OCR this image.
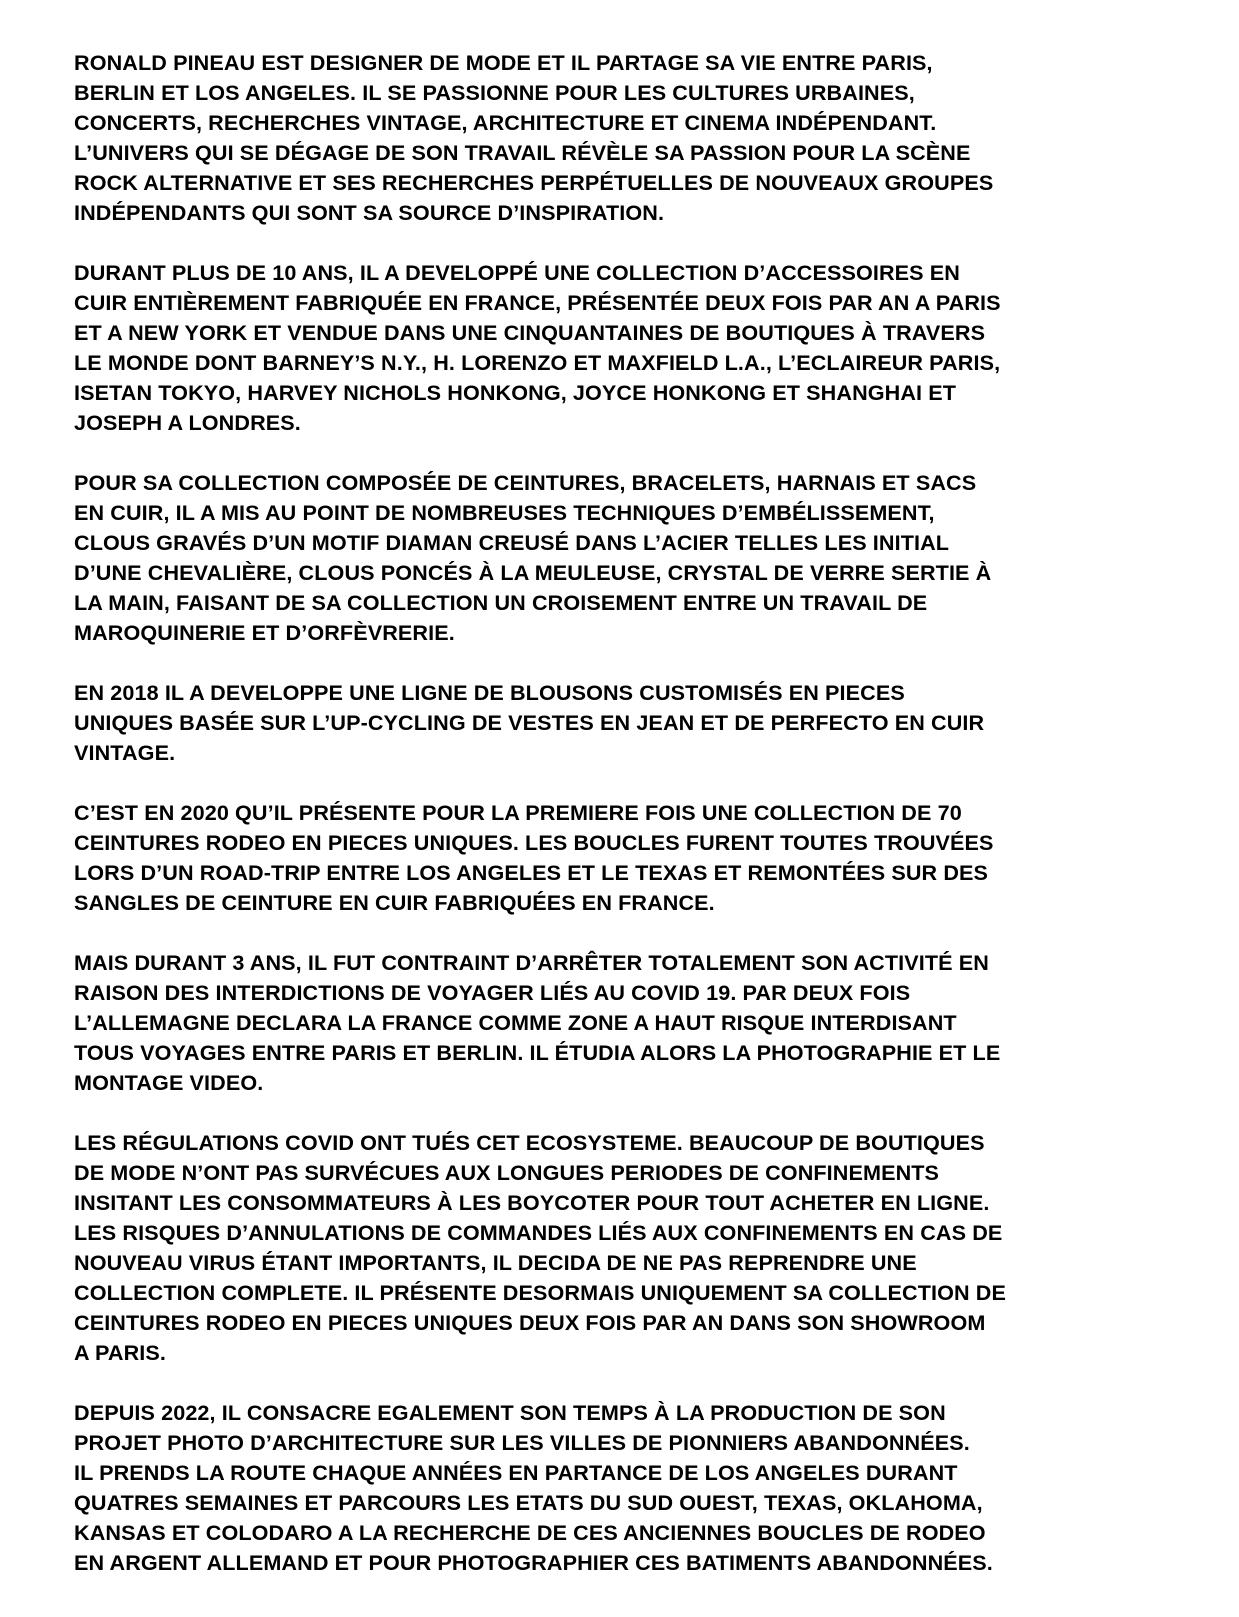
RONALD PINEAU EST DESIGNER DE MODE ET IL PARTAGE SA VIE ENTRE PARIS,
BERLIN ET LOS ANGELES. IL SE PASSIONNE POUR LES CULTURES URBAINES,
CONCERTS, RECHERCHES VINTAGE, ARCHITECTURE ET CINEMA INDÉPENDANT.
L’UNIVERS QUI SE DÉGAGE DE SON TRAVAIL RÉVÈLE SA PASSION POUR LA SCÈNE
ROCK ALTERNATIVE ET SES RECHERCHES PERPÉTUELLES DE NOUVEAUX GROUPES
INDÉPENDANTS QUI SONT SA SOURCE D’INSPIRATION.
DURANT PLUS DE 10 ANS, IL A DEVELOPPÉ UNE COLLECTION D’ACCESSOIRES EN
CUIR ENTIÈREMENT FABRIQUÉE EN FRANCE, PRÉSENTÉE DEUX FOIS PAR AN A PARIS
ET A NEW YORK ET VENDUE DANS UNE CINQUANTAINES DE BOUTIQUES À TRAVERS
LE MONDE DONT BARNEY’S N.Y., H. LORENZO ET MAXFIELD L.A., L’ECLAIREUR PARIS,
ISETAN TOKYO, HARVEY NICHOLS HONKONG, JOYCE HONKONG ET SHANGHAI ET
JOSEPH A LONDRES.
POUR SA COLLECTION COMPOSÉE DE CEINTURES, BRACELETS, HARNAIS ET SACS
EN CUIR, IL A MIS AU POINT DE NOMBREUSES TECHNIQUES D’EMBÉLISSEMENT,
CLOUS GRAVÉS D’UN MOTIF DIAMAN CREUSÉ DANS L’ACIER TELLES LES INITIAL
D’UNE CHEVALIÈRE, CLOUS PONCÉS À LA MEULEUSE, CRYSTAL DE VERRE SERTIE À
LA MAIN, FAISANT DE SA COLLECTION UN CROISEMENT ENTRE UN TRAVAIL DE
MAROQUINERIE ET D’ORFÈVRERIE.
EN 2018 IL A DEVELOPPE UNE LIGNE DE BLOUSONS CUSTOMISÉS EN PIECES
UNIQUES BASÉE SUR L’UP-CYCLING DE VESTES EN JEAN ET DE PERFECTO EN CUIR
VINTAGE.
C’EST EN 2020 QU’IL PRÉSENTE POUR LA PREMIERE FOIS UNE COLLECTION DE 70
CEINTURES RODEO EN PIECES UNIQUES. LES BOUCLES FURENT TOUTES TROUVÉES
LORS D’UN ROAD-TRIP ENTRE LOS ANGELES ET LE TEXAS ET REMONTÉES SUR DES
SANGLES DE CEINTURE EN CUIR FABRIQUÉES EN FRANCE.
MAIS DURANT 3 ANS, IL FUT CONTRAINT D’ARRÊTER TOTALEMENT SON ACTIVITÉ EN
RAISON DES INTERDICTIONS DE VOYAGER LIÉS AU COVID 19. PAR DEUX FOIS
L’ALLEMAGNE DECLARA LA FRANCE COMME ZONE A HAUT RISQUE INTERDISANT
TOUS VOYAGES ENTRE PARIS ET BERLIN. IL ÉTUDIA ALORS LA PHOTOGRAPHIE ET LE
MONTAGE VIDEO.
LES RÉGULATIONS COVID ONT TUÉS CET ECOSYSTEME. BEAUCOUP DE BOUTIQUES
DE MODE N’ONT PAS SURVÉCUES AUX LONGUES PERIODES DE CONFINEMENTS
INSITANT LES CONSOMMATEURS À LES BOYCOTER POUR TOUT ACHETER EN LIGNE.
LES RISQUES D’ANNULATIONS DE COMMANDES LIÉS AUX CONFINEMENTS EN CAS DE
NOUVEAU VIRUS ÉTANT IMPORTANTS, IL DECIDA DE NE PAS REPRENDRE UNE
COLLECTION COMPLETE. IL PRÉSENTE DESORMAIS UNIQUEMENT SA COLLECTION DE
CEINTURES RODEO EN PIECES UNIQUES DEUX FOIS PAR AN DANS SON SHOWROOM
A PARIS.
DEPUIS 2022, IL CONSACRE EGALEMENT SON TEMPS À LA PRODUCTION DE SON
PROJET PHOTO D’ARCHITECTURE SUR LES VILLES DE PIONNIERS ABANDONNÉES.
IL PRENDS LA ROUTE CHAQUE ANNÉES EN PARTANCE DE LOS ANGELES DURANT
QUATRES SEMAINES ET PARCOURS LES ETATS DU SUD OUEST, TEXAS, OKLAHOMA,
KANSAS ET COLODARO A LA RECHERCHE DE CES ANCIENNES BOUCLES DE RODEO
EN ARGENT ALLEMAND ET POUR PHOTOGRAPHIER CES BATIMENTS ABANDONNÉES.
